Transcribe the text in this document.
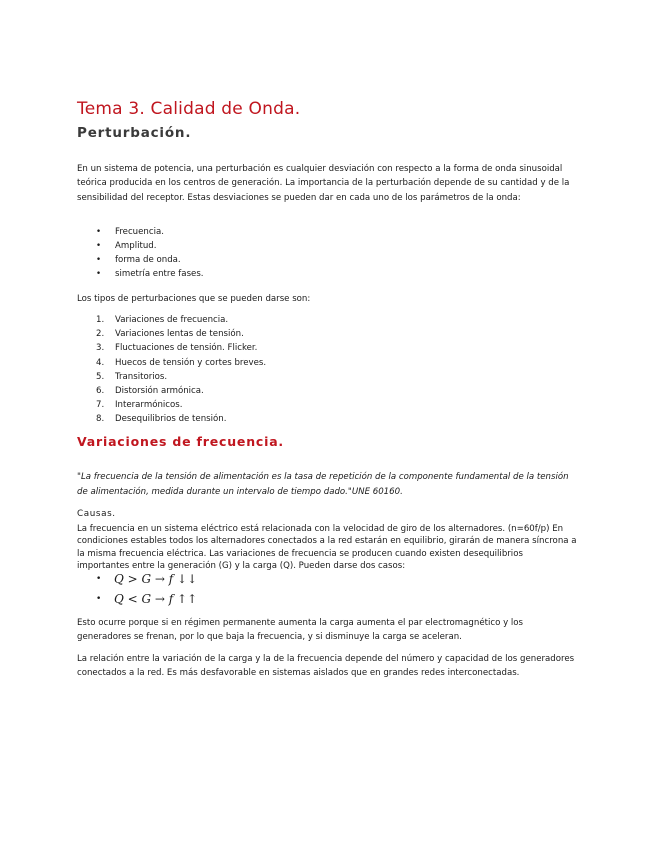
Tema 3. Calidad de Onda.
Perturbación.

En un sistema de potencia, una perturbación es cualquier desviación con respecto a la forma de onda sinusoidal teórica producida en los centros de generación. La importancia de la perturbación depende de su cantidad y de la sensibilidad del receptor. Estas desviaciones se pueden dar en cada uno de los parámetros de la onda:

• Frecuencia.
• Amplitud.
• forma de onda.
• simetría entre fases.

Los tipos de perturbaciones que se pueden darse son:

1. Variaciones de frecuencia.
2. Variaciones lentas de tensión.
3. Fluctuaciones de tensión. Flicker.
4. Huecos de tensión y cortes breves.
5. Transitorios.
6. Distorsión armónica.
7. Interarmónicos.
8. Desequilibrios de tensión.
Variaciones de frecuencia.

"La frecuencia de la tensión de alimentación es la tasa de repetición de la componente fundamental de la tensión de alimentación, medida durante un intervalo de tiempo dado."UNE 60160.

Causas.

La frecuencia en un sistema eléctrico está relacionada con la velocidad de giro de los alternadores. (n=60f/p) En condiciones estables todos los alternadores conectados a la red estarán en equilibrio, girarán de manera síncrona a la misma frecuencia eléctrica. Las variaciones de frecuencia se producen cuando existen desequilibrios importantes entre la generación (G) y la carga (Q). Pueden darse dos casos:

• Q > G → f ↓↓
• Q < G → f ↑↑

Esto ocurre porque si en régimen permanente aumenta la carga aumenta el par electromagnético y los generadores se frenan, por lo que baja la frecuencia, y si disminuye la carga se aceleran.

La relación entre la variación de la carga y la de la frecuencia depende del número y capacidad de los generadores conectados a la red. Es más desfavorable en sistemas aislados que en grandes redes interconectadas.
